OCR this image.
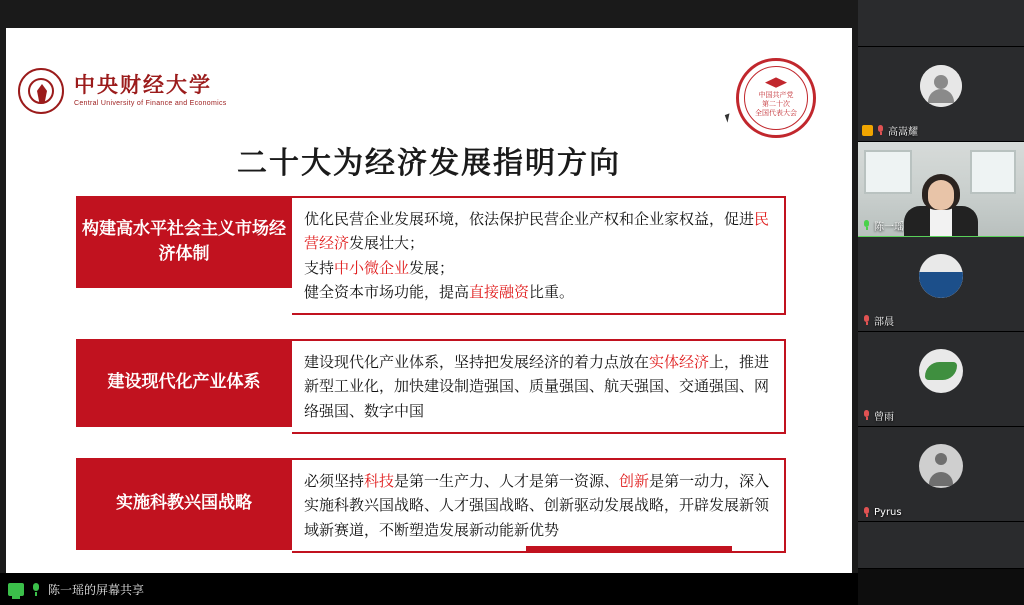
中央财经大学
Central University of Finance and Economics
中国共产党
第二十次
全国代表大会
二十大为经济发展指明方向
构建高水平社会主义市场经济体制
优化民营企业发展环境，依法保护民营企业产权和企业家权益，促进民营经济发展壮大；
支持中小微企业发展；
健全资本市场功能，提高直接融资比重。
建设现代化产业体系
建设现代化产业体系，坚持把发展经济的着力点放在实体经济上，推进新型工业化，加快建设制造强国、质量强国、航天强国、交通强国、网络强国、数字中国
实施科教兴国战略
必须坚持科技是第一生产力、人才是第一资源、创新是第一动力，深入实施科教兴国战略、人才强国战略、创新驱动发展战略，开辟发展新领域新赛道，不断塑造发展新动能新优势
陈一瑶的屏幕共享
高嵩耀
陈一瑶
部晨
曾雨
Pyrus
